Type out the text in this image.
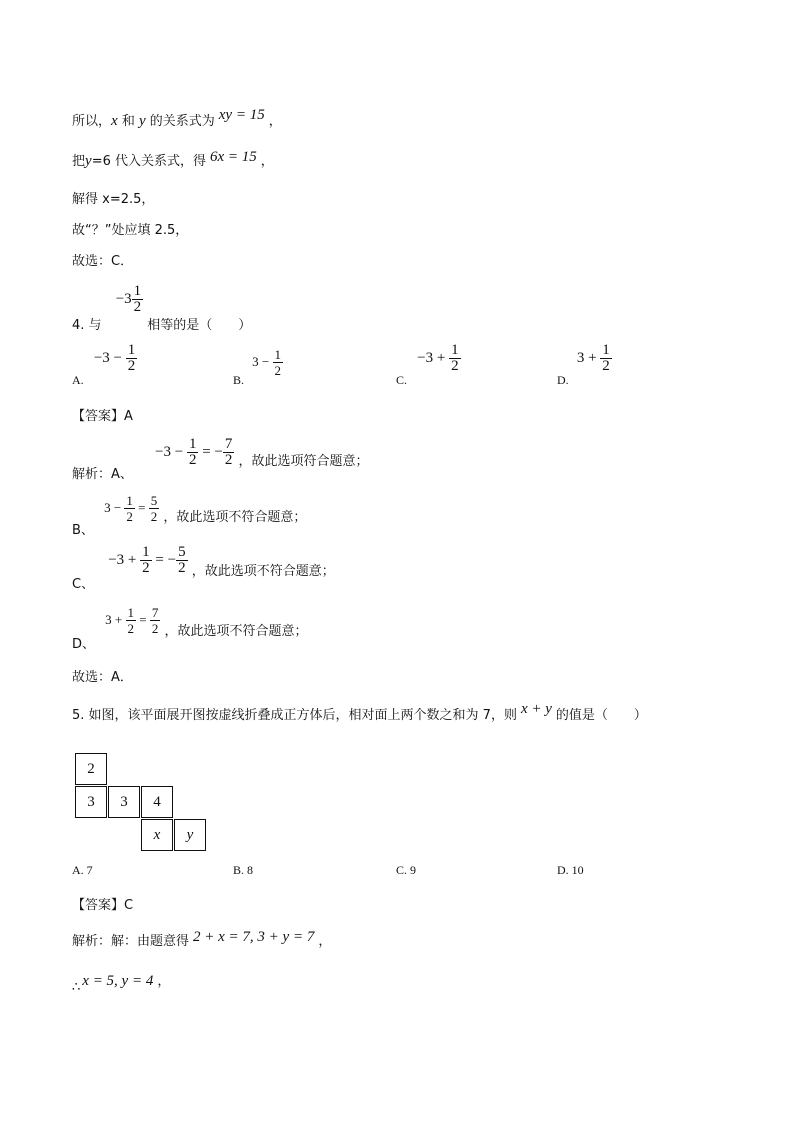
所以，x 和 y 的关系式为 xy = 15 ，
把y=6 代入关系式，得 6x = 15 ，
解得 x=2.5，
故“？”处应填 2.5，
故选：C．
4. 与 $-3 \frac{1}{2}$
相等的是（　　）
A. $-3 - \frac{1}{2}$
B. $3 - \frac{1}{2}$
C. $-3 + \frac{1}{2}$
D. $3 + \frac{1}{2}$
【答案】A
解析：A、 $-3 - \frac{1}{2}$ = − $\frac{7}{2}$ ，故此选项符合题意；
B、 $3 - \frac{1}{2} = \frac{5}{2}$ ，故此选项不符合题意；
C、 $-3 + \frac{1}{2}$ = − $\frac{5}{2}$ ，故此选项不符合题意；
D、 $3 + \frac{1}{2} = \frac{7}{2}$ ，故此选项不符合题意；
故选：A．
5. 如图，该平面展开图按虚线折叠成正方体后，相对面上两个数之和为 7，则 x + y 的值是（　　）
2
3	3	4
x	y
A. 7	B. 8	C. 9	D. 10
【答案】C
解析：解：由题意得 2 + x = 7, 3 + y = 7 ，
∴ x = 5, y = 4 ，
